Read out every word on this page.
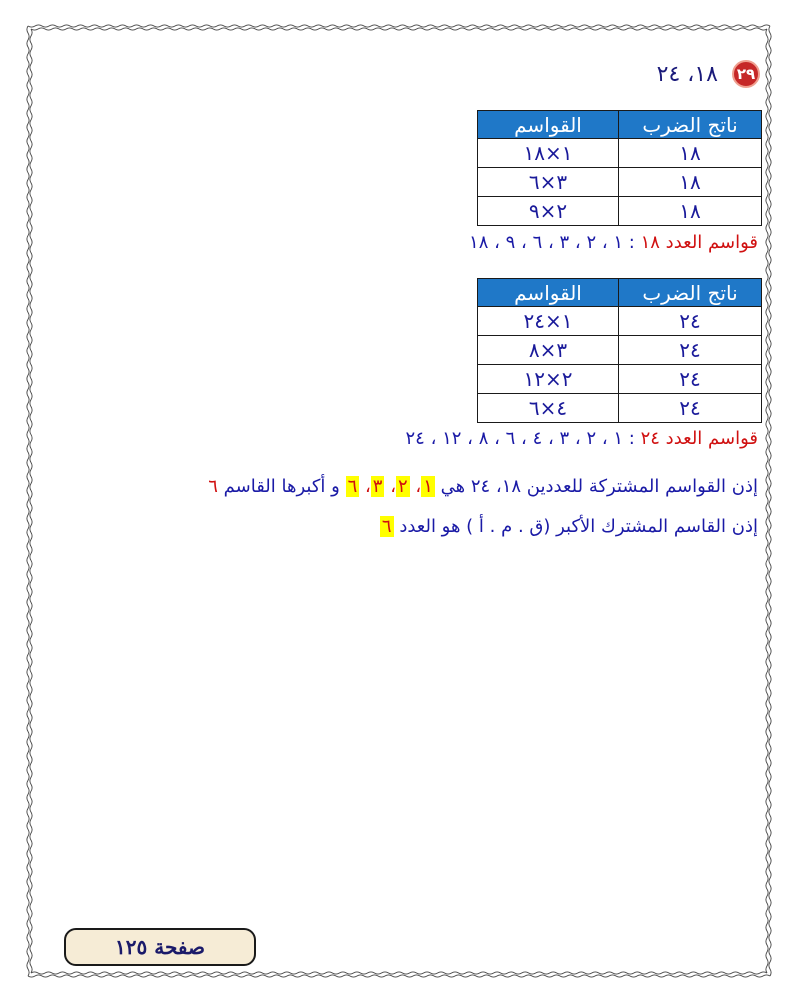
٢٩
١٨، ٢٤
ناتج الضرب	القواسم
١٨	١×١٨
١٨	٣×٦
١٨	٢×٩
قواسم العدد ١٨ : ١ ، ٢ ، ٣ ، ٦ ، ٩ ، ١٨
ناتج الضرب	القواسم
٢٤	١×٢٤
٢٤	٣×٨
٢٤	٢×١٢
٢٤	٤×٦
قواسم العدد ٢٤ : ١ ، ٢ ، ٣ ، ٤ ، ٦ ، ٨ ، ١٢ ، ٢٤
إذن القواسم المشتركة للعددين ١٨، ٢٤ هي ١، ٢، ٣، ٦ و أكبرها القاسم ٦
إذن القاسم المشترك الأكبر (ق . م . أ ) هو العدد ٦
صفحة ١٢٥
